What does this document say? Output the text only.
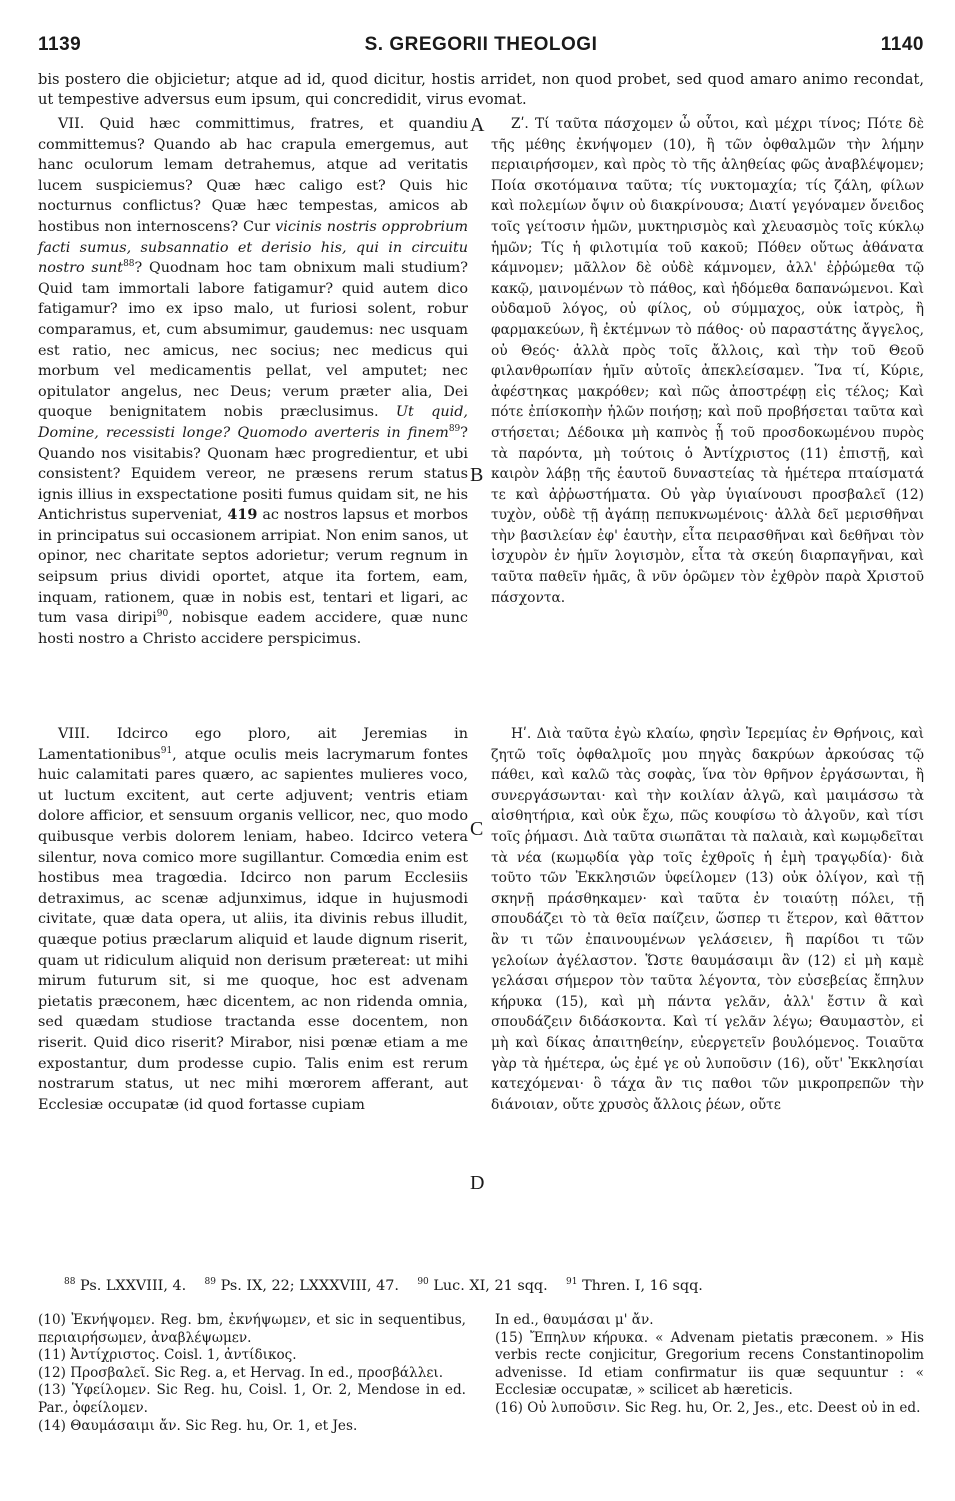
1139	S. GREGORII THEOLOGI	1140
bis postero die objicietur; atque ad id, quod dicitur, hostis arridet, non quod probet, sed quod amaro animo recondat, ut tempestive adversus eum ipsum, qui concredidit, virus evomat.

VII. Quid hæc committimus, fratres, et quandiu committemus? Quando ab hac crapula emergemus, aut hanc oculorum lemam detrahemus, atque ad veritatis lucem suspiciemus? Quæ hæc caligo est? Quis hic nocturnus conflictus? Quæ hæc tempestas, amicos ab hostibus non internoscens? Cur vicinis nostris opprobrium facti sumus, subsannatio et derisio his, qui in circuitu nostro sunt$^{88}$? Quodnam hoc tam obnixum mali studium? Quid tam immortali labore fatigamur? quid autem dico fatigamur? imo ex ipso malo, ut furiosi solent, robur comparamus, et, cum absumimur, gaudemus: nec usquam est ratio, nec amicus, nec socius; nec medicus qui morbum vel medicamentis pellat, vel amputet; nec opitulator angelus, nec Deus; verum præter alia, Dei quoque benignitatem nobis præclusimus. Ut quid, Domine, recessisti longe? Quomodo averteris in finem$^{89}$? Quando nos visitabis? Quonam hæc progredientur, et ubi consistent? Equidem vereor, ne præsens rerum status ignis illius in exspectatione positi fumus quidam sit, ne his Antichristus superveniat, 419 ac nostros lapsus et morbos in principatus sui occasionem arripiat. Non enim sanos, ut opinor, nec charitate septos adorietur; verum regnum in seipsum prius dividi oportet, atque ita fortem, eam, inquam, rationem, quæ in nobis est, tentari et ligari, ac tum vasa diripi$^{90}$, nobisque eadem accidere, quæ nunc hosti nostro a Christo accidere perspicimus.

VIII. Idcirco ego ploro, ait Jeremias in Lamentationibus$^{91}$, atque oculis meis lacrymarum fontes huic calamitati pares quæro, ac sapientes mulieres voco, ut luctum excitent, aut certe adjuvent; ventris etiam dolore afficior, et sensuum organis vellicor, nec, quo modo quibusque verbis dolorem leniam, habeo. Idcirco vetera silentur, nova comico more sugillantur. Comœdia enim est hostibus mea tragœdia. Idcirco non parum Ecclesiis detraximus, ac scenæ adjunximus, idque in hujusmodi civitate, quæ data opera, ut aliis, ita divinis rebus illudit, quæque potius præclarum aliquid et laude dignum riserit, quam ut ridiculum aliquid non derisum prætereat: ut mihi mirum futurum sit, si me quoque, hoc est advenam pietatis præconem, hæc dicentem, ac non ridenda omnia, sed quædam studiose tractanda esse docentem, non riserit. Quid dico riserit? Mirabor, nisi pœnæ etiam a me expostantur, dum prodesse cupio. Talis enim est rerum nostrarum status, ut nec mihi mœrorem afferant, aut Ecclesiæ occupatæ (id quod fortasse cupiam

Ζʹ. Τί ταῦτα πάσχομεν ὦ οὗτοι, καὶ μέχρι τίνος; Πότε δὲ τῆς μέθης ἐκνήψομεν (10), ἢ τῶν ὀφθαλμῶν τὴν λήμην περιαιρήσομεν, καὶ πρὸς τὸ τῆς ἀληθείας φῶς ἀναβλέψομεν; Ποία σκοτόμαινα ταῦτα; τίς νυκτομαχία; τίς ζάλη, φίλων καὶ πολεμίων ὄψιν οὐ διακρίνουσα; Διατί γεγόναμεν ὄνειδος τοῖς γείτοσιν ἡμῶν, μυκτηρισμὸς καὶ χλευασμὸς τοῖς κύκλῳ ἡμῶν; Τίς ἡ φιλοτιμία τοῦ κακοῦ; Πόθεν οὕτως ἀθάνατα κάμνομεν; μᾶλλον δὲ οὐδὲ κάμνομεν, ἀλλ' ἐῤῥώμεθα τῷ κακῷ, μαινομένων τὸ πάθος, καὶ ἡδόμεθα δαπανώμενοι. Καὶ οὐδαμοῦ λόγος, οὐ φίλος, οὐ σύμμαχος, οὐκ ἰατρὸς, ἢ φαρμακεύων, ἢ ἐκτέμνων τὸ πάθος· οὐ παραστάτης ἄγγελος, οὐ Θεός· ἀλλὰ πρὸς τοῖς ἄλλοις, καὶ τὴν τοῦ Θεοῦ φιλανθρωπίαν ἡμῖν αὐτοῖς ἀπεκλείσαμεν. Ἵνα τί, Κύριε, ἀφέστηκας μακρόθεν; καὶ πῶς ἀποστρέφῃ εἰς τέλος; Καὶ πότε ἐπίσκοπὴν ἡλῶν ποιήσῃ; καὶ ποῦ προβήσεται ταῦτα καὶ στήσεται; Δέδοικα μὴ καπνὸς ᾖ τοῦ προσδοκωμένου πυρὸς τὰ παρόντα, μὴ τούτοις ὁ Ἀντίχριστος (11) ἐπιστῇ, καὶ καιρὸν λάβῃ τῆς ἑαυτοῦ δυναστείας τὰ ἡμέτερα πταίσματά τε καὶ ἀῤῥωστήματα. Οὐ γὰρ ὑγιαίνουσι προσβαλεῖ (12) τυχὸν, οὐδὲ τῇ ἀγάπῃ πεπυκνωμένοις· ἀλλὰ δεῖ μερισθῆναι τὴν βασιλείαν ἐφ' ἑαυτὴν, εἶτα πειρασθῆναι καὶ δεθῆναι τὸν ἰσχυρὸν ἐν ἡμῖν λογισμὸν, εἶτα τὰ σκεύη διαρπαγῆναι, καὶ ταῦτα παθεῖν ἡμᾶς, ἃ νῦν ὁρῶμεν τὸν ἐχθρὸν παρὰ Χριστοῦ πάσχοντα.

Ηʹ. Διὰ ταῦτα ἐγὼ κλαίω, φησὶν Ἱερεμίας ἐν Θρήνοις, καὶ ζητῶ τοῖς ὀφθαλμοῖς μου πηγὰς δακρύων ἀρκούσας τῷ πάθει, καὶ καλῶ τὰς σοφὰς, ἵνα τὸν θρῆνον ἐργάσωνται, ἢ συνεργάσωνται· καὶ τὴν κοιλίαν ἀλγῶ, καὶ μαιμάσσω τὰ αἰσθητήρια, καὶ οὐκ ἔχω, πῶς κουφίσω τὸ ἀλγοῦν, καὶ τίσι τοῖς ῥήμασι. Διὰ ταῦτα σιωπᾶται τὰ παλαιὰ, καὶ κωμῳδεῖται τὰ νέα (κωμῳδία γὰρ τοῖς ἐχθροῖς ἡ ἐμὴ τραγῳδία)· διὰ τοῦτο τῶν Ἐκκλησιῶν ὑφείλομεν (13) οὐκ ὀλίγον, καὶ τῇ σκηνῇ πράσθηκαμεν· καὶ ταῦτα ἐν τοιαύτῃ πόλει, τῇ σπουδάζει τὸ τὰ θεῖα παίζειν, ὥσπερ τι ἕτερον, καὶ θᾶττον ἂν τι τῶν ἐπαινουμένων γελάσειεν, ἢ παρίδοι τι τῶν γελοίων ἀγέλαστον. Ὥστε θαυμάσαιμι ἂν (12) εἰ μὴ καμὲ γελάσαι σήμερον τὸν ταῦτα λέγοντα, τὸν εὐσεβείας ἔπηλυν κήρυκα (15), καὶ μὴ πάντα γελᾶν, ἀλλ' ἔστιν ἃ καὶ σπουδάζειν διδάσκοντα. Καὶ τί γελᾶν λέγω; Θαυμαστὸν, εἰ μὴ καὶ δίκας ἀπαιτηθείην, εὐεργετεῖν βουλόμενος. Τοιαῦτα γὰρ τὰ ἡμέτερα, ὡς ἐμέ γε οὐ λυποῦσιν (16), οὔτ' Ἐκκλησίαι κατεχόμεναι· ὃ τάχα ἂν τις παθοι τῶν μικροπρεπῶν τὴν διάνοιαν, οὔτε χρυσὸς ἄλλοις ῥέων, οὔτε

A
B
C
D
$^{88}$ Ps. LXXVIII, 4. $^{89}$ Ps. IX, 22; LXXXVIII, 47. $^{90}$ Luc. XI, 21 sqq. $^{91}$ Thren. I, 16 sqq.

(10) Ἐκνήψομεν. Reg. bm, ἐκνήψωμεν, et sic in sequentibus, περιαιρήσωμεν, ἀναβλέψωμεν.

(11) Ἀντίχριστος. Coisl. 1, ἀντίδικος.

(12) Προσβαλεῖ. Sic Reg. a, et Hervag. In ed., προσβάλλει.

(13) Ὑφείλομεν. Sic Reg. hu, Coisl. 1, Or. 2, Mendose in ed. Par., ὀφείλομεν.

(14) Θαυμάσαιμι ἄν. Sic Reg. hu, Or. 1, et Jes.

In ed., θαυμάσαι μ' ἄν.

(15) Ἔπηλυν κήρυκα. « Advenam pietatis præconem. » His verbis recte conjicitur, Gregorium recens Constantinopolim advenisse. Id etiam confirmatur iis quæ sequuntur : « Ecclesiæ occupatæ, » scilicet ab hæreticis.

(16) Οὐ λυποῦσιν. Sic Reg. hu, Or. 2, Jes., etc. Deest οὐ in ed.
